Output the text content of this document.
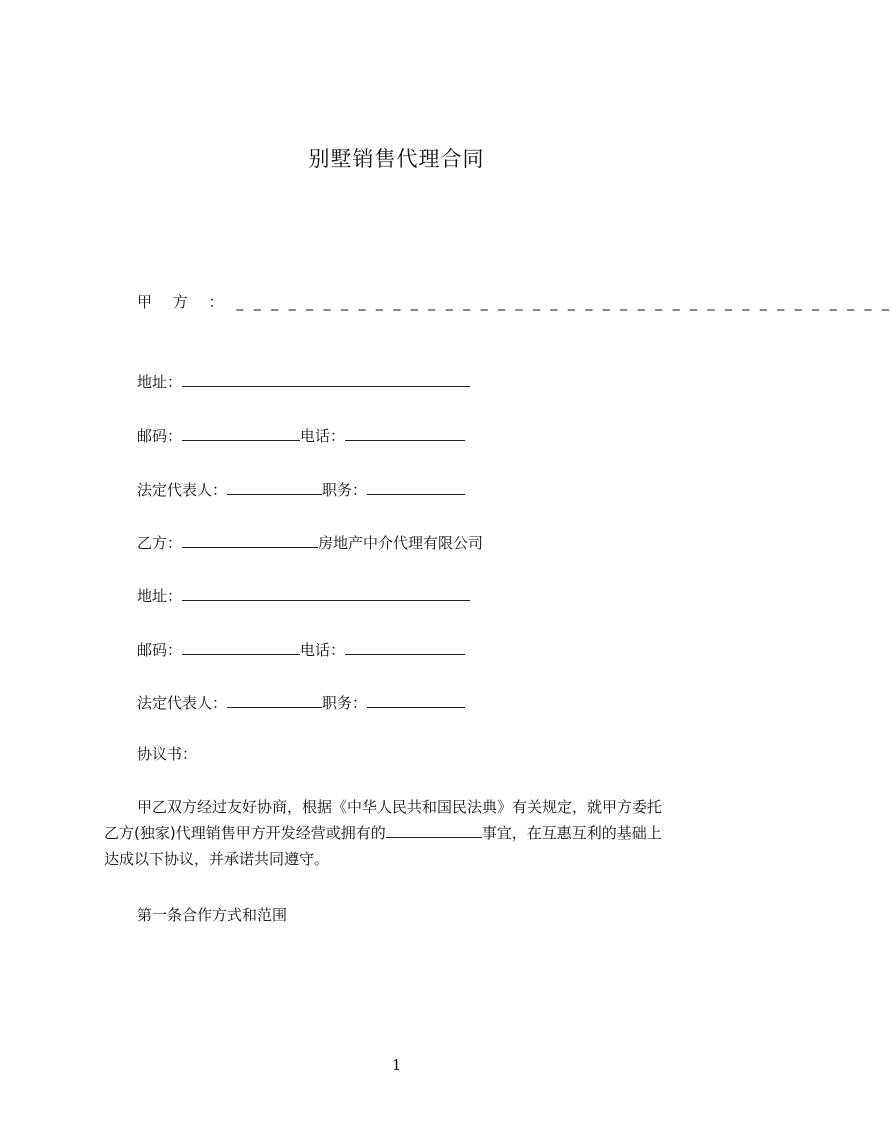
别墅销售代理合同
甲 方 ： _ _ _ _ _ _ _ _ _ _ _ _ _ _ _ _ _ _ _ _ _ _ _ _ _ _ _ _ _ _ _ _ _ _ _ _ _ _
地址：
邮码：	电话：
法定代表人：	职务：
乙方：	房地产中介代理有限公司
地址：
邮码：	电话：
法定代表人：	职务：
协议书：
甲乙双方经过友好协商，根据《中华人民共和国民法典》有关规定，就甲方委托
乙方(独家)代理销售甲方开发经营或拥有的	事宜，在互惠互利的基础上
达成以下协议，并承诺共同遵守。
第一条合作方式和范围
1
